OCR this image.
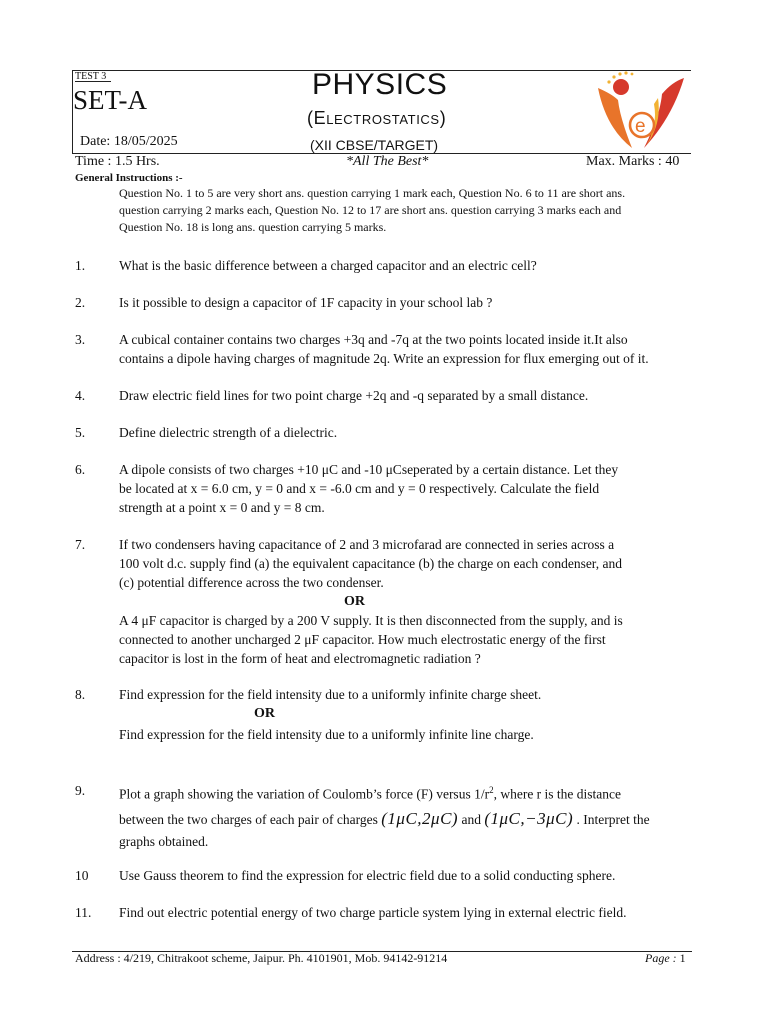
TEST 3
SET-A
Date: 18/05/2025
PHYSICS
(Electrostatics)
(XII CBSE/TARGET)
e
Time : 1.5 Hrs.	*All The Best*	Max. Marks : 40
General Instructions :-
Question No. 1 to 5 are very short ans. question carrying 1 mark each, Question No. 6 to 11 are short ans.
question carrying 2 marks each, Question No. 12 to 17 are short ans. question carrying 3 marks each and
Question No. 18 is long ans. question carrying 5 marks.
1.	What is the basic difference between a charged capacitor and an electric cell?
2.	Is it possible to design a capacitor of 1F capacity in your school lab ?
3.	A cubical container contains two charges +3q and -7q at the two points located inside it.It also
contains a dipole having charges of magnitude 2q. Write an expression for flux emerging out of it.
4.	Draw electric field lines for two point charge +2q and -q separated by a small distance.
5.	Define dielectric strength of a dielectric.
6.	A dipole consists of two charges +10 μC and -10 μCseperated by a certain distance. Let they
be located at x = 6.0 cm, y = 0 and x = -6.0 cm and y = 0 respectively. Calculate the field
strength at a point x = 0 and y = 8 cm.
7.	If two condensers having capacitance of 2 and 3 microfarad are connected in series across a
100 volt d.c. supply find (a) the equivalent capacitance (b) the charge on each condenser, and
(c) potential difference across the two condenser.
OR
A 4 μF capacitor is charged by a 200 V supply. It is then disconnected from the supply, and is
connected to another uncharged 2 μF capacitor. How much electrostatic energy of the first
capacitor is lost in the form of heat and electromagnetic radiation ?
8.	Find expression for the field intensity due to a uniformly infinite charge sheet.
OR
Find expression for the field intensity due to a uniformly infinite line charge.
9.	Plot a graph showing the variation of Coulomb’s force (F) versus $1/r^2$, where r is the distance
between the two charges of each pair of charges (1μC,2μC) and (1μC,−3μC) . Interpret the
graphs obtained.
10 Use Gauss theorem to find the expression for electric field due to a solid conducting sphere.
11. Find out electric potential energy of two charge particle system lying in external electric field.
Address : 4/219, Chitrakoot scheme, Jaipur. Ph. 4101901, Mob. 94142-91214	Page : 1
